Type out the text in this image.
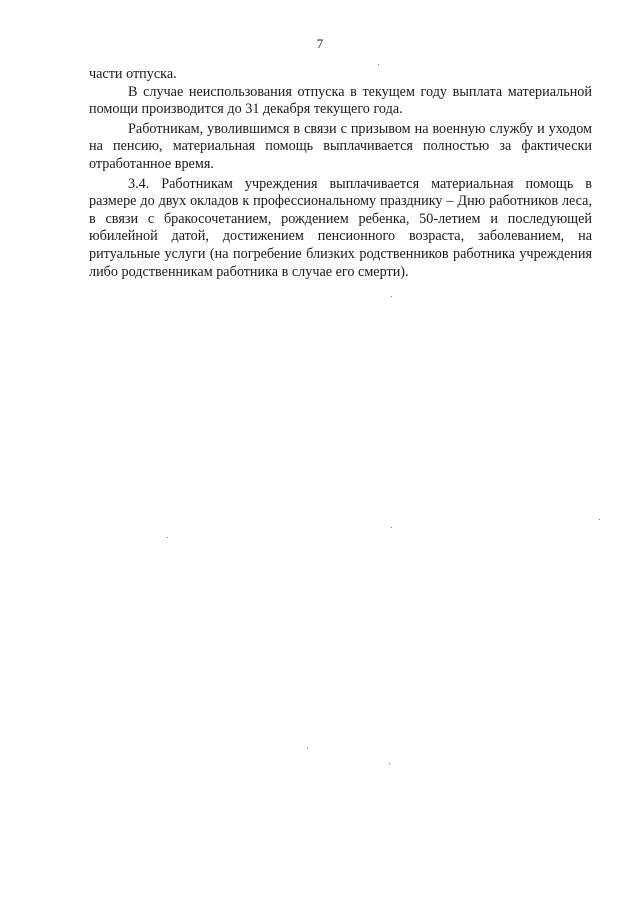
7

части отпуска.

В случае неиспользования отпуска в текущем году выплата материальной помощи производится до 31 декабря текущего года.

Работникам, уволившимся в связи с призывом на военную службу и уходом на пенсию, материальная помощь выплачивается полностью за фактически отработанное время.

3.4. Работникам учреждения выплачивается материальная помощь в размере до двух окладов к профессиональному празднику – Дню работников леса, в связи с бракосочетанием, рождением ребенка, 50-летием и последующей юбилейной датой, достижением пенсионного возраста, заболеванием, на ритуальные услуги (на погребение близких родственников работника учреждения либо родственникам работника в случае его смерти).
